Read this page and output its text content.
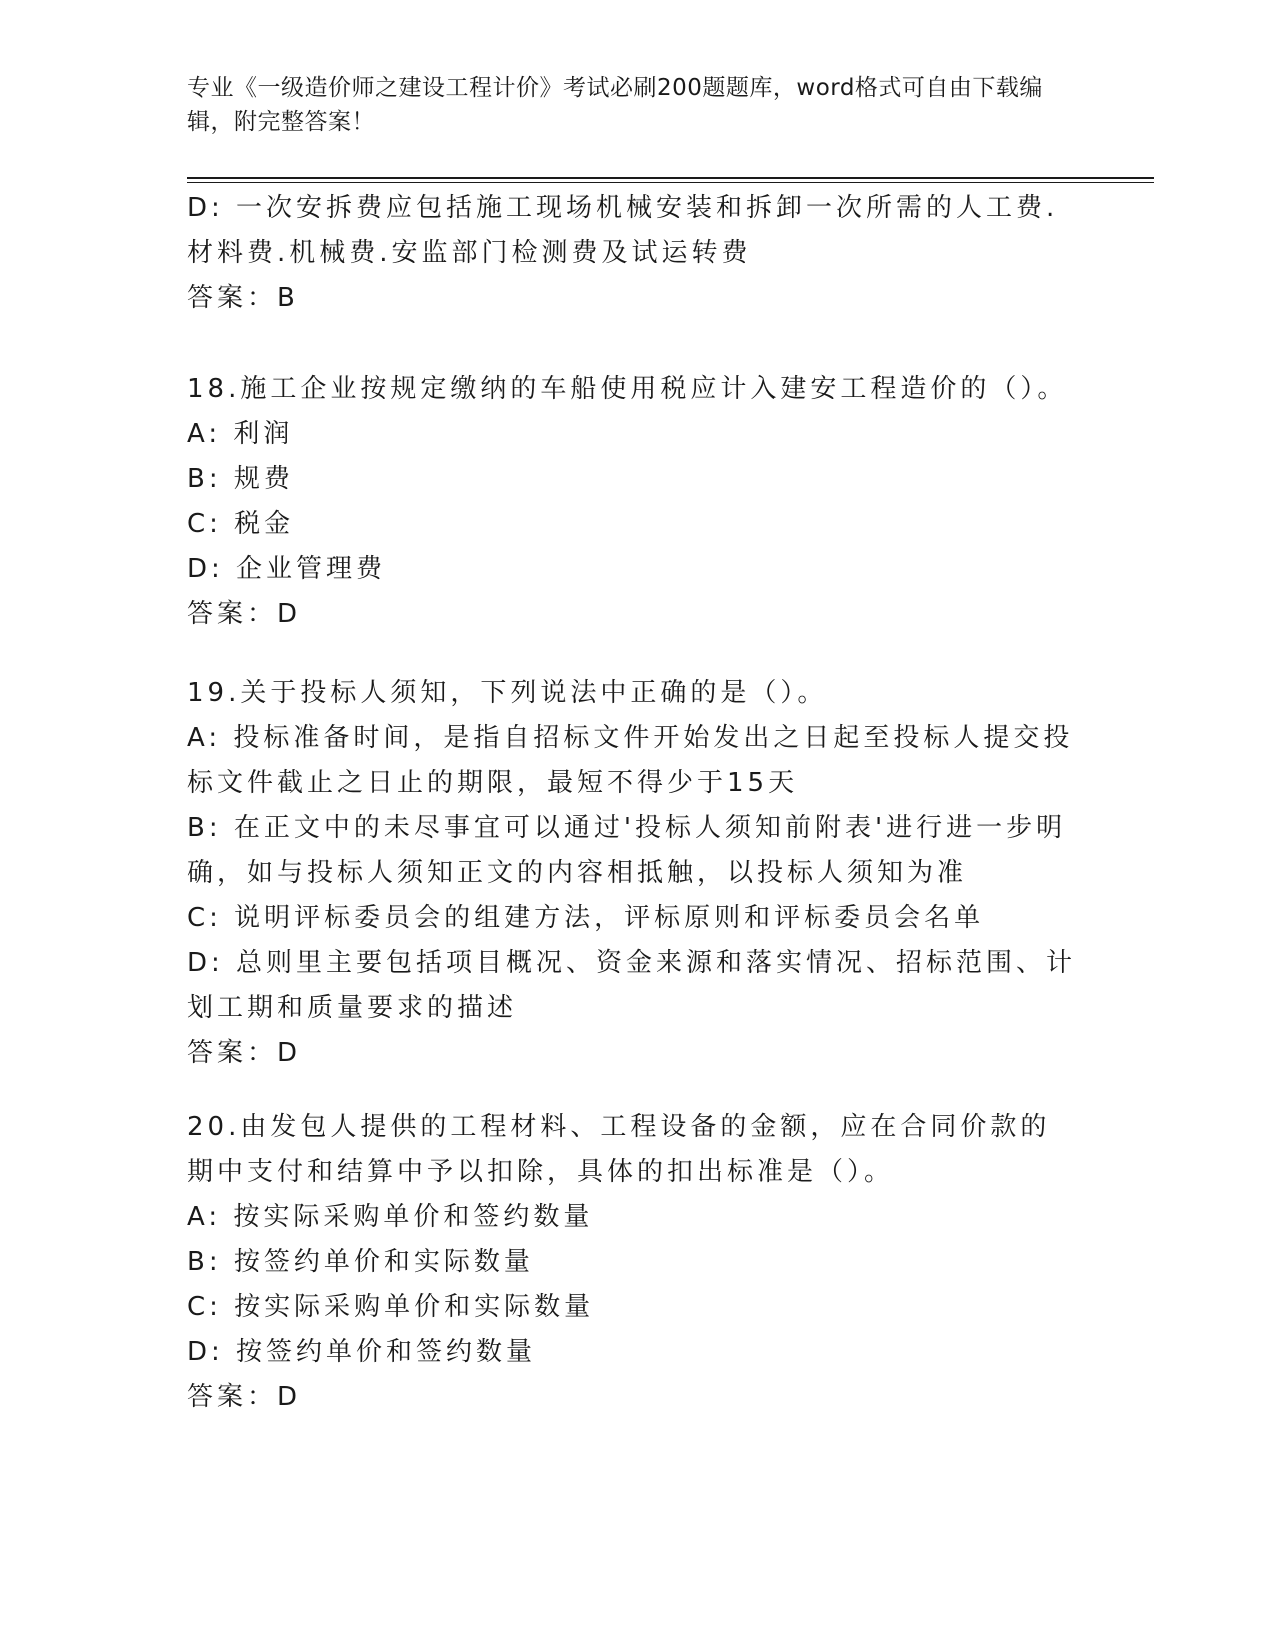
专业《一级造价师之建设工程计价》考试必刷200题题库，word格式可自由下载编辑，附完整答案！
D: 一次安拆费应包括施工现场机械安装和拆卸一次所需的人工费.材料费.机械费.安监部门检测费及试运转费
答案：B
18.施工企业按规定缴纳的车船使用税应计入建安工程造价的（）。
A: 利润
B: 规费
C: 税金
D: 企业管理费
答案：D
19.关于投标人须知，下列说法中正确的是（）。
A: 投标准备时间，是指自招标文件开始发出之日起至投标人提交投标文件截止之日止的期限，最短不得少于15天
B: 在正文中的未尽事宜可以通过'投标人须知前附表'进行进一步明确，如与投标人须知正文的内容相抵触，以投标人须知为准
C: 说明评标委员会的组建方法，评标原则和评标委员会名单
D: 总则里主要包括项目概况、资金来源和落实情况、招标范围、计划工期和质量要求的描述
答案：D
20.由发包人提供的工程材料、工程设备的金额，应在合同价款的期中支付和结算中予以扣除，具体的扣出标准是（）。
A: 按实际采购单价和签约数量
B: 按签约单价和实际数量
C: 按实际采购单价和实际数量
D: 按签约单价和签约数量
答案：D
